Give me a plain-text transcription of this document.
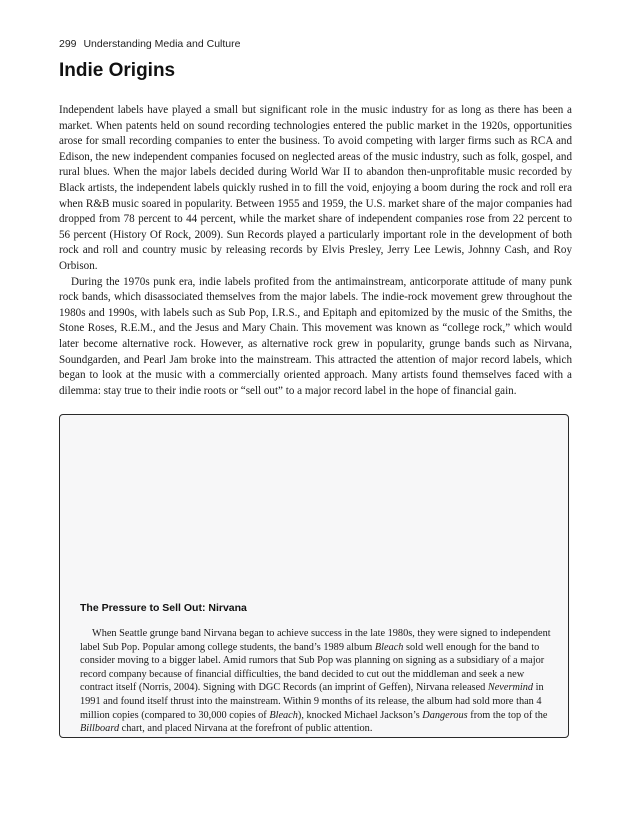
299 Understanding Media and Culture
Indie Origins

Independent labels have played a small but significant role in the music industry for as long as there has been a market. When patents held on sound recording technologies entered the public market in the 1920s, opportunities arose for small recording companies to enter the business. To avoid competing with larger firms such as RCA and Edison, the new independent companies focused on neglected areas of the music industry, such as folk, gospel, and rural blues. When the major labels decided during World War II to abandon then-unprofitable music recorded by Black artists, the independent labels quickly rushed in to fill the void, enjoying a boom during the rock and roll era when R&B music soared in popularity. Between 1955 and 1959, the U.S. market share of the major companies had dropped from 78 percent to 44 percent, while the market share of independent companies rose from 22 percent to 56 percent (History Of Rock, 2009). Sun Records played a particularly important role in the development of both rock and roll and country music by releasing records by Elvis Presley, Jerry Lee Lewis, Johnny Cash, and Roy Orbison.

During the 1970s punk era, indie labels profited from the antimainstream, anticorporate attitude of many punk rock bands, which disassociated themselves from the major labels. The indie-rock movement grew throughout the 1980s and 1990s, with labels such as Sub Pop, I.R.S., and Epitaph and epitomized by the music of the Smiths, the Stone Roses, R.E.M., and the Jesus and Mary Chain. This movement was known as “college rock,” which would later become alternative rock. However, as alternative rock grew in popularity, grunge bands such as Nirvana, Soundgarden, and Pearl Jam broke into the mainstream. This attracted the attention of major record labels, which began to look at the music with a commercially oriented approach. Many artists found themselves faced with a dilemma: stay true to their indie roots or “sell out” to a major record label in the hope of financial gain.

The Pressure to Sell Out: Nirvana

When Seattle grunge band Nirvana began to achieve success in the late 1980s, they were signed to independent label Sub Pop. Popular among college students, the band’s 1989 album Bleach sold well enough for the band to consider moving to a bigger label. Amid rumors that Sub Pop was planning on signing as a subsidiary of a major record company because of financial difficulties, the band decided to cut out the middleman and seek a new contract itself (Norris, 2004). Signing with DGC Records (an imprint of Geffen), Nirvana released Nevermind in 1991 and found itself thrust into the mainstream. Within 9 months of its release, the album had sold more than 4 million copies (compared to 30,000 copies of Bleach), knocked Michael Jackson’s Dangerous from the top of the Billboard chart, and placed Nirvana at the forefront of public attention.
